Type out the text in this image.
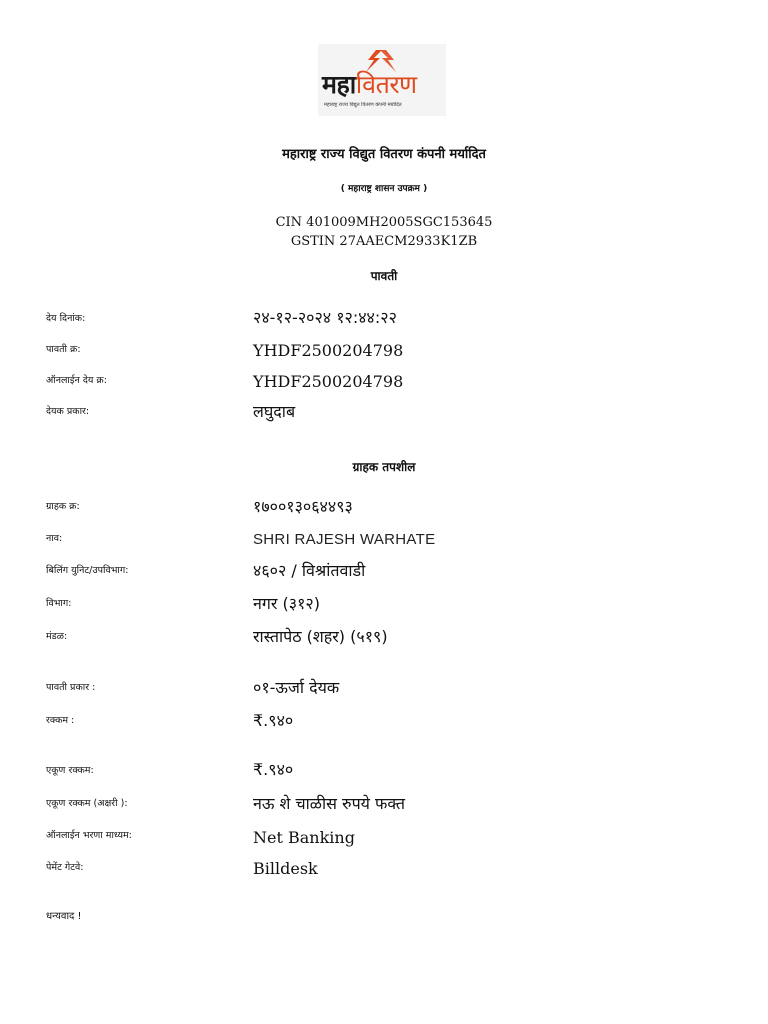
महावितरण
महाराष्ट्र राज्य विद्युत वितरण कंपनी मर्यादित
महाराष्ट्र राज्य विद्युत वितरण कंपनी मर्यादित
( महाराष्ट्र शासन उपक्रम )
CIN 401009MH2005SGC153645
GSTIN 27AAECM2933K1ZB
पावती
देय दिनांक:	२४-१२-२०२४ १२:४४:२२
पावती क्र:	YHDF2500204798
ऑनलाईन देय क्र:	YHDF2500204798
देयक प्रकार:	लघुदाब
ग्राहक तपशील
ग्राहक क्र:	१७००१३०६४४९३
नाव:	SHRI RAJESH WARHATE
बिलिंग युनिट/उपविभाग:	४६०२ / विश्रांतवाडी
विभाग:	नगर (३१२)
मंडळ:	रास्तापेठ (शहर) (५१९)
पावती प्रकार :	०१-ऊर्जा देयक
रक्कम :	₹.९४०
एकूण रक्कम:	₹.९४०
एकूण रक्कम (अक्षरी ):	नऊ शे चाळीस रुपये फक्त
ऑनलाईन भरणा माध्यम:	Net Banking
पेमेंट गेटवे:	Billdesk
धन्यवाद !
